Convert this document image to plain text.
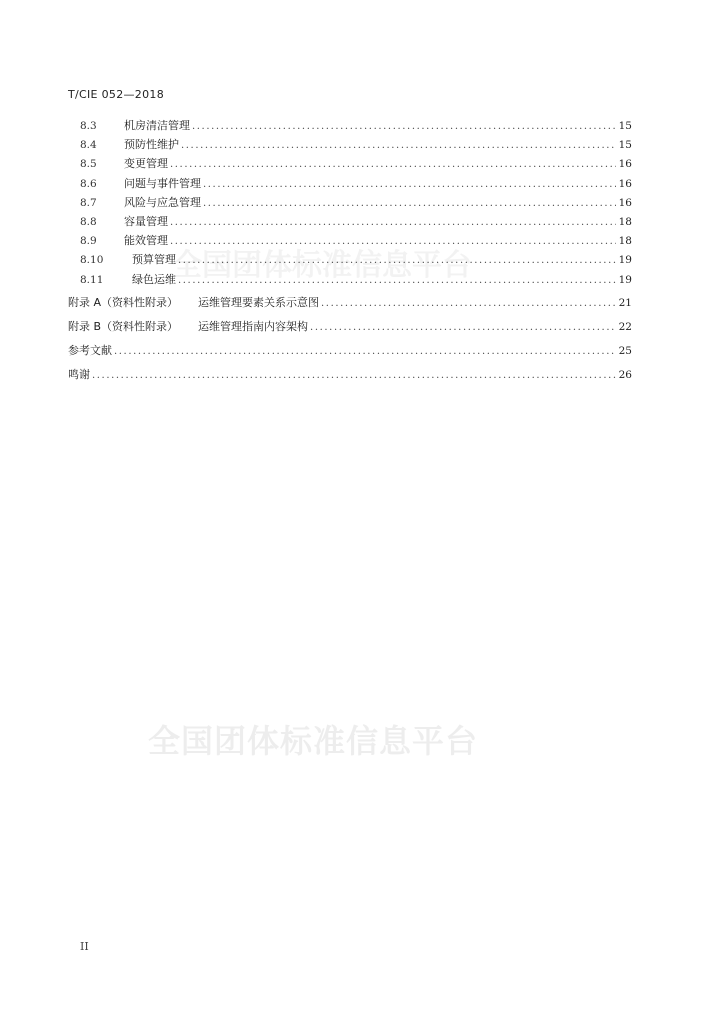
T/CIE 052—2018
全国团体标准信息平台
8.3	机房清洁管理 .....	15
8.4	预防性维护 .....	15
8.5	变更管理 .....	16
8.6	问题与事件管理 .....	16
8.7	风险与应急管理 .....	16
8.8	容量管理 .....	18
8.9	能效管理 .....	18
8.10	预算管理 .....	19
8.11	绿色运维 .....	19
附录 A（资料性附录） 运维管理要素关系示意图 .....	21
附录 B（资料性附录） 运维管理指南内容架构 .....	22
参考文献 .....	25
鸣谢 .....	26
全国团体标准信息平台
II
